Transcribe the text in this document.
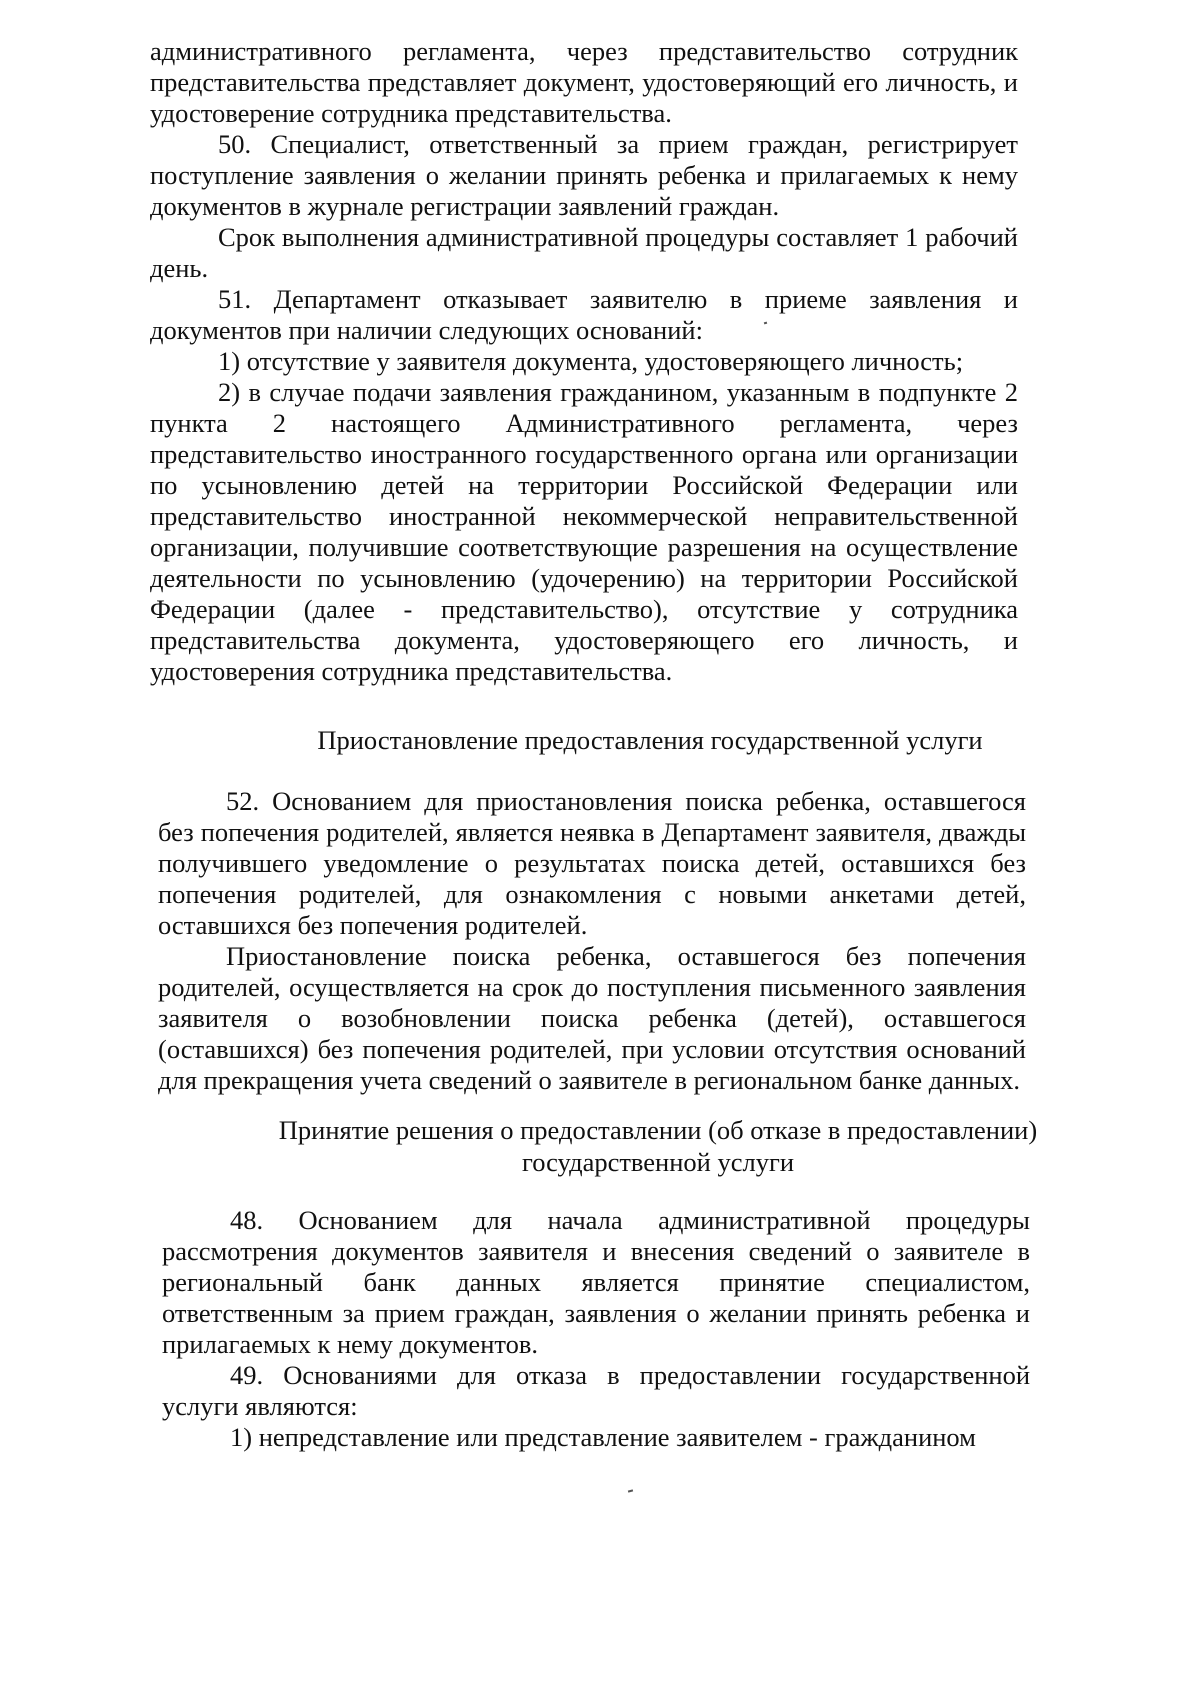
административного регламента, через представительство сотрудник представительства представляет документ, удостоверяющий его личность, и удостоверение сотрудника представительства.

50. Специалист, ответственный за прием граждан, регистрирует поступление заявления о желании принять ребенка и прилагаемых к нему документов в журнале регистрации заявлений граждан.

Срок выполнения административной процедуры составляет 1 рабочий день.

51. Департамент отказывает заявителю в приеме заявления и документов при наличии следующих оснований:

1) отсутствие у заявителя документа, удостоверяющего личность;

2) в случае подачи заявления гражданином, указанным в подпункте 2 пункта 2 настоящего Административного регламента, через представительство иностранного государственного органа или организации по усыновлению детей на территории Российской Федерации или представительство иностранной некоммерческой неправительственной организации, получившие соответствующие разрешения на осуществление деятельности по усыновлению (удочерению) на территории Российской Федерации (далее - представительство), отсутствие у сотрудника представительства документа, удостоверяющего его личность, и удостоверения сотрудника представительства.

Приостановление предоставления государственной услуги

52. Основанием для приостановления поиска ребенка, оставшегося без попечения родителей, является неявка в Департамент заявителя, дважды получившего уведомление о результатах поиска детей, оставшихся без попечения родителей, для ознакомления с новыми анкетами детей, оставшихся без попечения родителей.

Приостановление поиска ребенка, оставшегося без попечения родителей, осуществляется на срок до поступления письменного заявления заявителя о возобновлении поиска ребенка (детей), оставшегося (оставшихся) без попечения родителей, при условии отсутствия оснований для прекращения учета сведений о заявителе в региональном банке данных.

Принятие решения о предоставлении (об отказе в предоставлении)

государственной услуги

48. Основанием для начала административной процедуры рассмотрения документов заявителя и внесения сведений о заявителе в региональный банк данных является принятие специалистом, ответственным за прием граждан, заявления о желании принять ребенка и прилагаемых к нему документов.

49. Основаниями для отказа в предоставлении государственной услуги являются:

1) непредставление или представление заявителем - гражданином
